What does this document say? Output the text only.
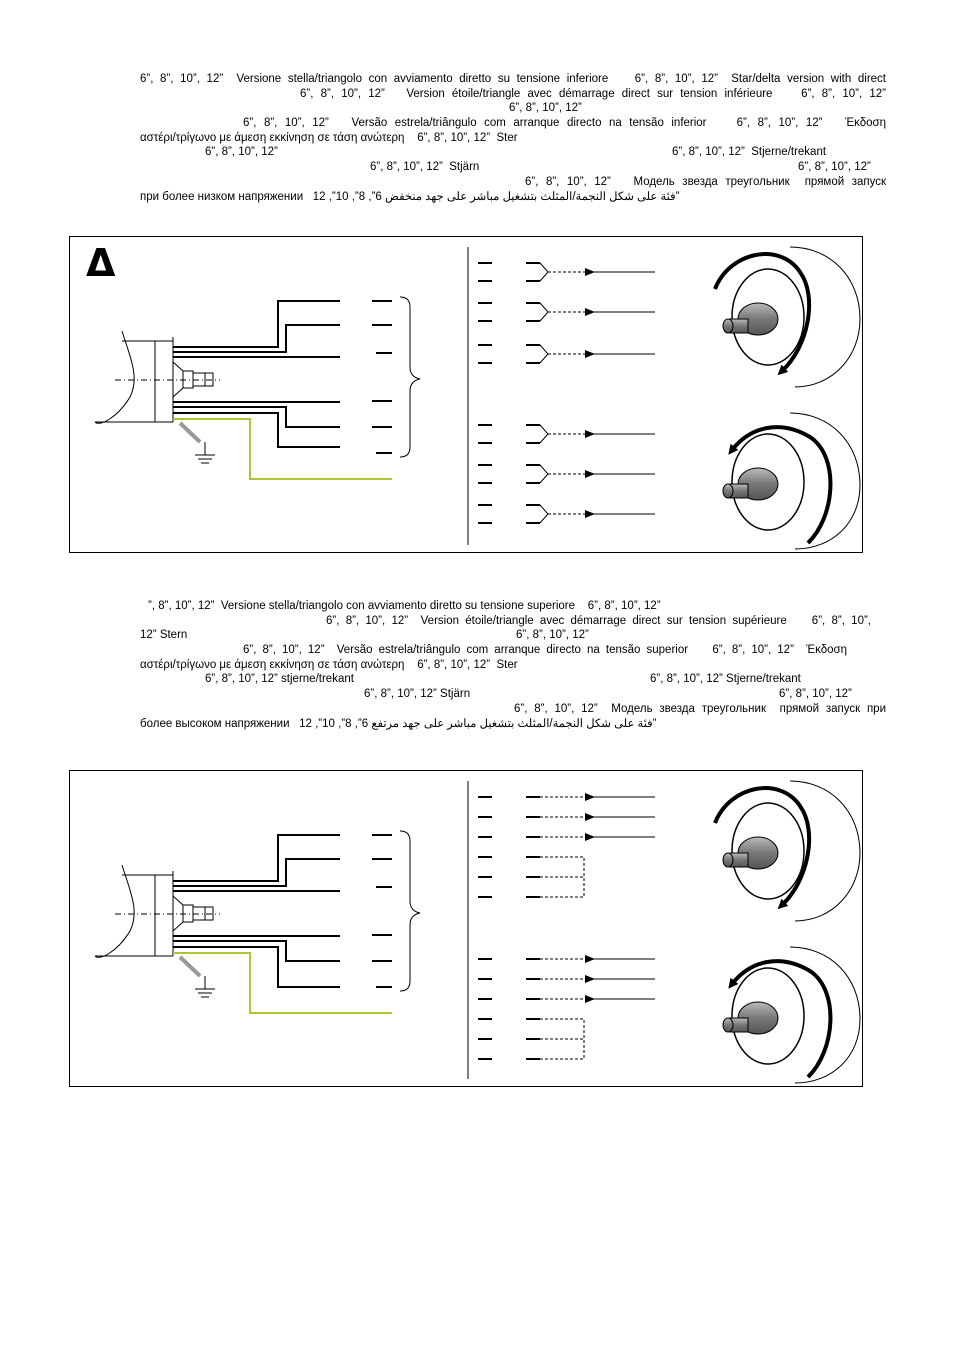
6”, 8”, 10”, 12”  Versione stella/triangolo con avviamento diretto su tensione inferiore    6”, 8”, 10”, 12”  Star/delta version with direct
6”, 8”, 10”, 12”   Version étoile/triangle avec démarrage direct sur tension inférieure    6”, 8”, 10”, 12”
6”, 8”, 10”, 12”
6”, 8”, 10”, 12”   Versão estrela/triângulo com arranque directo na tensão inferior    6”, 8”, 10”, 12”   Έκδοση
αστέρι/τρίγωνο με άμεση εκκίνηση σε τάση ανώτερη    6”, 8”, 10”, 12”  Ster
6”, 8”, 10”, 12”	6”, 8”, 10”, 12”  Stjerne/trekant
6”, 8”, 10”, 12”  Stjärn	6”, 8”, 10”, 12”
6”, 8”, 10”, 12”   Модель звезда треугольник  прямой запуск
при более низком напряжении   فئة على شكل النجمة/المثلث بتشغيل مباشر على جهد منخفض 6”, 8”, 10”, 12”
Δ
”, 8”, 10”, 12”  Versione stella/triangolo con avviamento diretto su tensione superiore    6”, 8”, 10”, 12”
6”, 8”, 10”, 12”  Version étoile/triangle avec démarrage direct sur tension supérieure    6”, 8”, 10”,
12” Stern	6”, 8”, 10”, 12”
6”, 8”, 10”, 12”  Versão estrela/triângulo com arranque directo na tensão superior    6”, 8”, 10”, 12”  Έκδοση
αστέρι/τρίγωνο με άμεση εκκίνηση σε τάση ανώτερη    6”, 8”, 10”, 12”  Ster
6”, 8”, 10”, 12” stjerne/trekant	6”, 8”, 10”, 12” Stjerne/trekant
6”, 8”, 10”, 12” Stjärn	6”, 8”, 10”, 12”
6”, 8”, 10”, 12”  Модель звезда треугольник  прямой запуск при
более высоком напряжении   فئة على شكل النجمة/المثلث بتشغيل مباشر على جهد مرتفع 6”, 8”, 10”, 12”
